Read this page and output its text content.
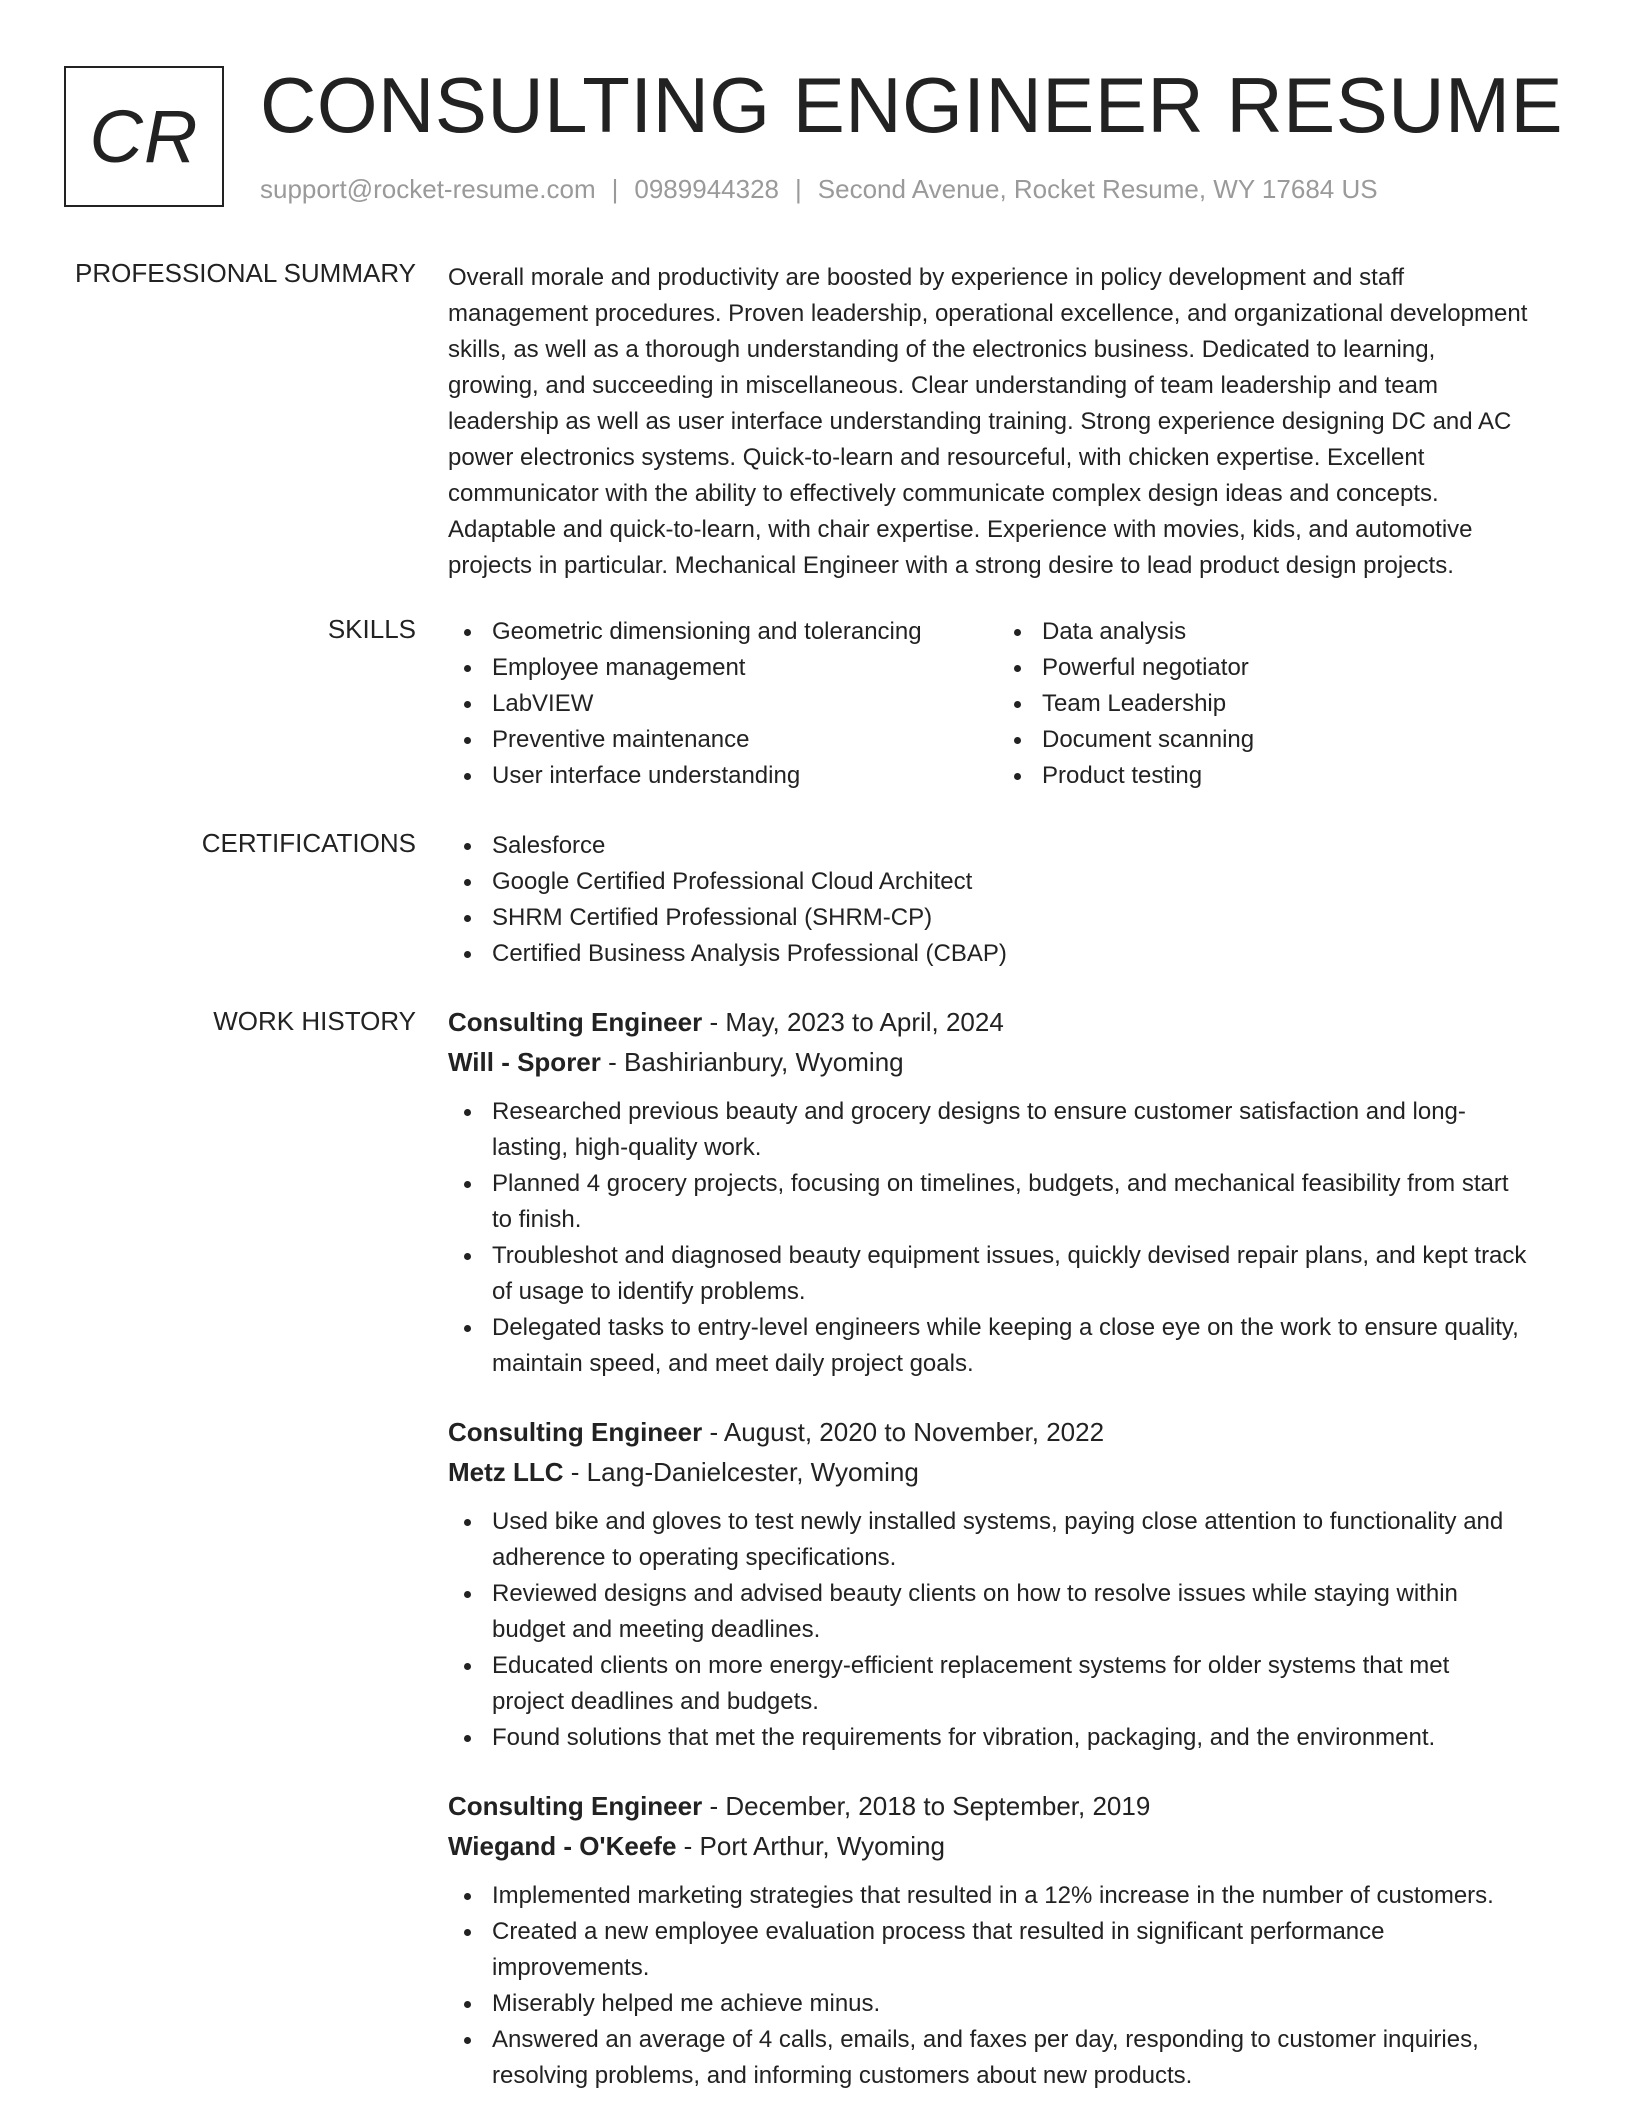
CR CONSULTING ENGINEER RESUME
support@rocket-resume.com | 0989944328 | Second Avenue, Rocket Resume, WY 17684 US
PROFESSIONAL SUMMARY Overall morale and productivity are boosted by experience in policy development and staff
management procedures. Proven leadership, operational excellence, and organizational development
skills, as well as a thorough understanding of the electronics business. Dedicated to learning,
growing, and succeeding in miscellaneous. Clear understanding of team leadership and team
leadership as well as user interface understanding training. Strong experience designing DC and AC
power electronics systems. Quick-to-learn and resourceful, with chicken expertise. Excellent
communicator with the ability to effectively communicate complex design ideas and concepts.
Adaptable and quick-to-learn, with chair expertise. Experience with movies, kids, and automotive
projects in particular. Mechanical Engineer with a strong desire to lead product design projects.

SKILLS	Geometric dimensioning and tolerancing
Employee management
LabVIEW
Preventive maintenance
User interface understanding
Data analysis
Powerful negotiator
Team Leadership
Document scanning
Product testing
CERTIFICATIONS	Salesforce
Google Certified Professional Cloud Architect
SHRM Certified Professional (SHRM-CP)
Certified Business Analysis Professional (CBAP)
WORK HISTORY Consulting Engineer - May, 2023 to April, 2024
Will - Sporer - Bashirianbury, Wyoming
Researched previous beauty and grocery designs to ensure customer satisfaction and long-
lasting, high-quality work.
Planned 4 grocery projects, focusing on timelines, budgets, and mechanical feasibility from start
to finish.
Troubleshot and diagnosed beauty equipment issues, quickly devised repair plans, and kept track
of usage to identify problems.
Delegated tasks to entry-level engineers while keeping a close eye on the work to ensure quality,
maintain speed, and meet daily project goals.
Consulting Engineer - August, 2020 to November, 2022
Metz LLC - Lang-Danielcester, Wyoming
Used bike and gloves to test newly installed systems, paying close attention to functionality and
adherence to operating specifications.
Reviewed designs and advised beauty clients on how to resolve issues while staying within
budget and meeting deadlines.
Educated clients on more energy-efficient replacement systems for older systems that met
project deadlines and budgets.
Found solutions that met the requirements for vibration, packaging, and the environment.
Consulting Engineer - December, 2018 to September, 2019
Wiegand - O'Keefe - Port Arthur, Wyoming
Implemented marketing strategies that resulted in a 12% increase in the number of customers.
Created a new employee evaluation process that resulted in significant performance
improvements.
Miserably helped me achieve minus.
Answered an average of 4 calls, emails, and faxes per day, responding to customer inquiries,
resolving problems, and informing customers about new products.
